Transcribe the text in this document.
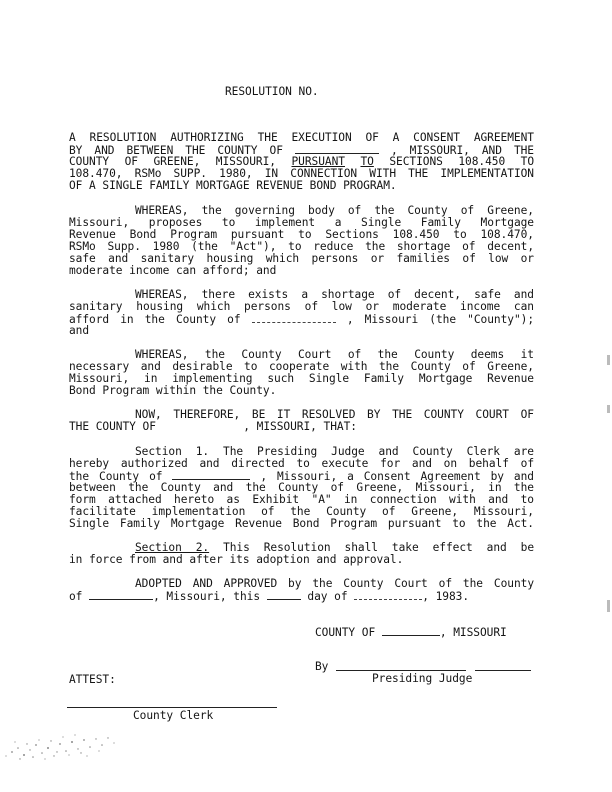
RESOLUTION NO.
A RESOLUTION AUTHORIZING THE EXECUTION OF A CONSENT AGREEMENT
BY AND BETWEEN THE COUNTY OF	, MISSOURI, AND THE
COUNTY OF GREENE, MISSOURI, PURSUANT TO SECTIONS 108.450 TO
108.470, RSMo SUPP. 1980, IN CONNECTION WITH THE IMPLEMENTATION
OF A SINGLE FAMILY MORTGAGE REVENUE BOND PROGRAM.
WHEREAS, the governing body of the County of Greene,
Missouri, proposes to implement a Single Family Mortgage
Revenue Bond Program pursuant to Sections 108.450 to 108.470,
RSMo Supp. 1980 (the "Act"), to reduce the shortage of decent,
safe and sanitary housing which persons or families of low or
moderate income can afford; and
WHEREAS, there exists a shortage of decent, safe and
sanitary housing which persons of low or moderate income can
afford in the County of	, Missouri (the "County");
and
WHEREAS, the County Court of the County deems it
necessary and desirable to cooperate with the County of Greene,
Missouri, in implementing such Single Family Mortgage Revenue
Bond Program within the County.
NOW, THEREFORE, BE IT RESOLVED BY THE COUNTY COURT OF
THE COUNTY OF	, MISSOURI, THAT:
Section 1. The Presiding Judge and County Clerk are
hereby authorized and directed to execute for and on behalf of
the County of	, Missouri, a Consent Agreement by and
between the County and the County of Greene, Missouri, in the
form attached hereto as Exhibit "A" in connection with and to
facilitate implementation of the County of Greene, Missouri,
Single Family Mortgage Revenue Bond Program pursuant to the Act.
Section 2. This Resolution shall take effect and be
in force from and after its adoption and approval.
ADOPTED AND APPROVED by the County Court of the County
of	, Missouri, this	day of	, 1983.
COUNTY OF	, MISSOURI
By
Presiding Judge
ATTEST:
County Clerk
